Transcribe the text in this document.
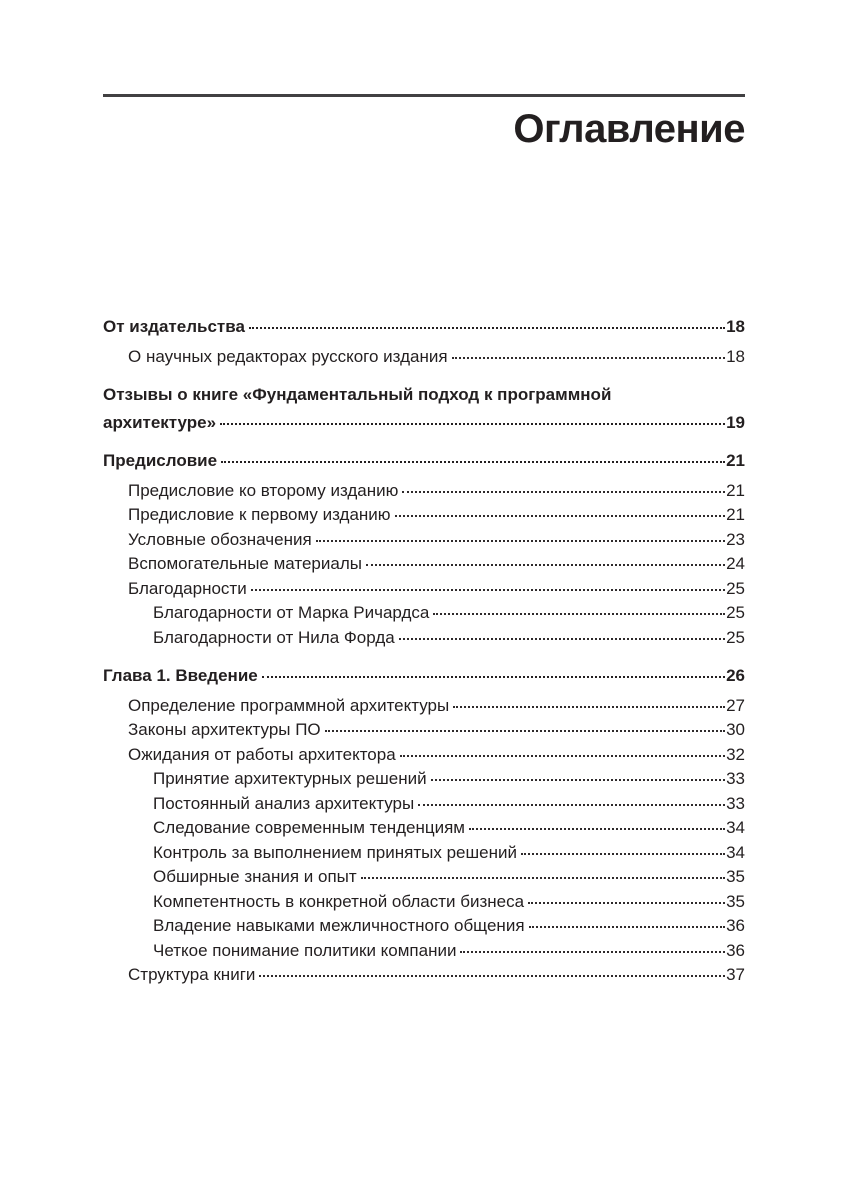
Оглавление
От издательства	18
О научных редакторах русского издания	18
Отзывы о книге «Фундаментальный подход к программной
архитектуре»	19
Предисловие	21
Предисловие ко второму изданию	21
Предисловие к первому изданию	21
Условные обозначения	23
Вспомогательные материалы	24
Благодарности	25
Благодарности от Марка Ричардса	25
Благодарности от Нила Форда	25
Глава 1. Введение	26
Определение программной архитектуры	27
Законы архитектуры ПО	30
Ожидания от работы архитектора	32
Принятие архитектурных решений	33
Постоянный анализ архитектуры	33
Следование современным тенденциям	34
Контроль за выполнением принятых решений	34
Обширные знания и опыт	35
Компетентность в конкретной области бизнеса	35
Владение навыками межличностного общения	36
Четкое понимание политики компании	36
Структура книги	37
